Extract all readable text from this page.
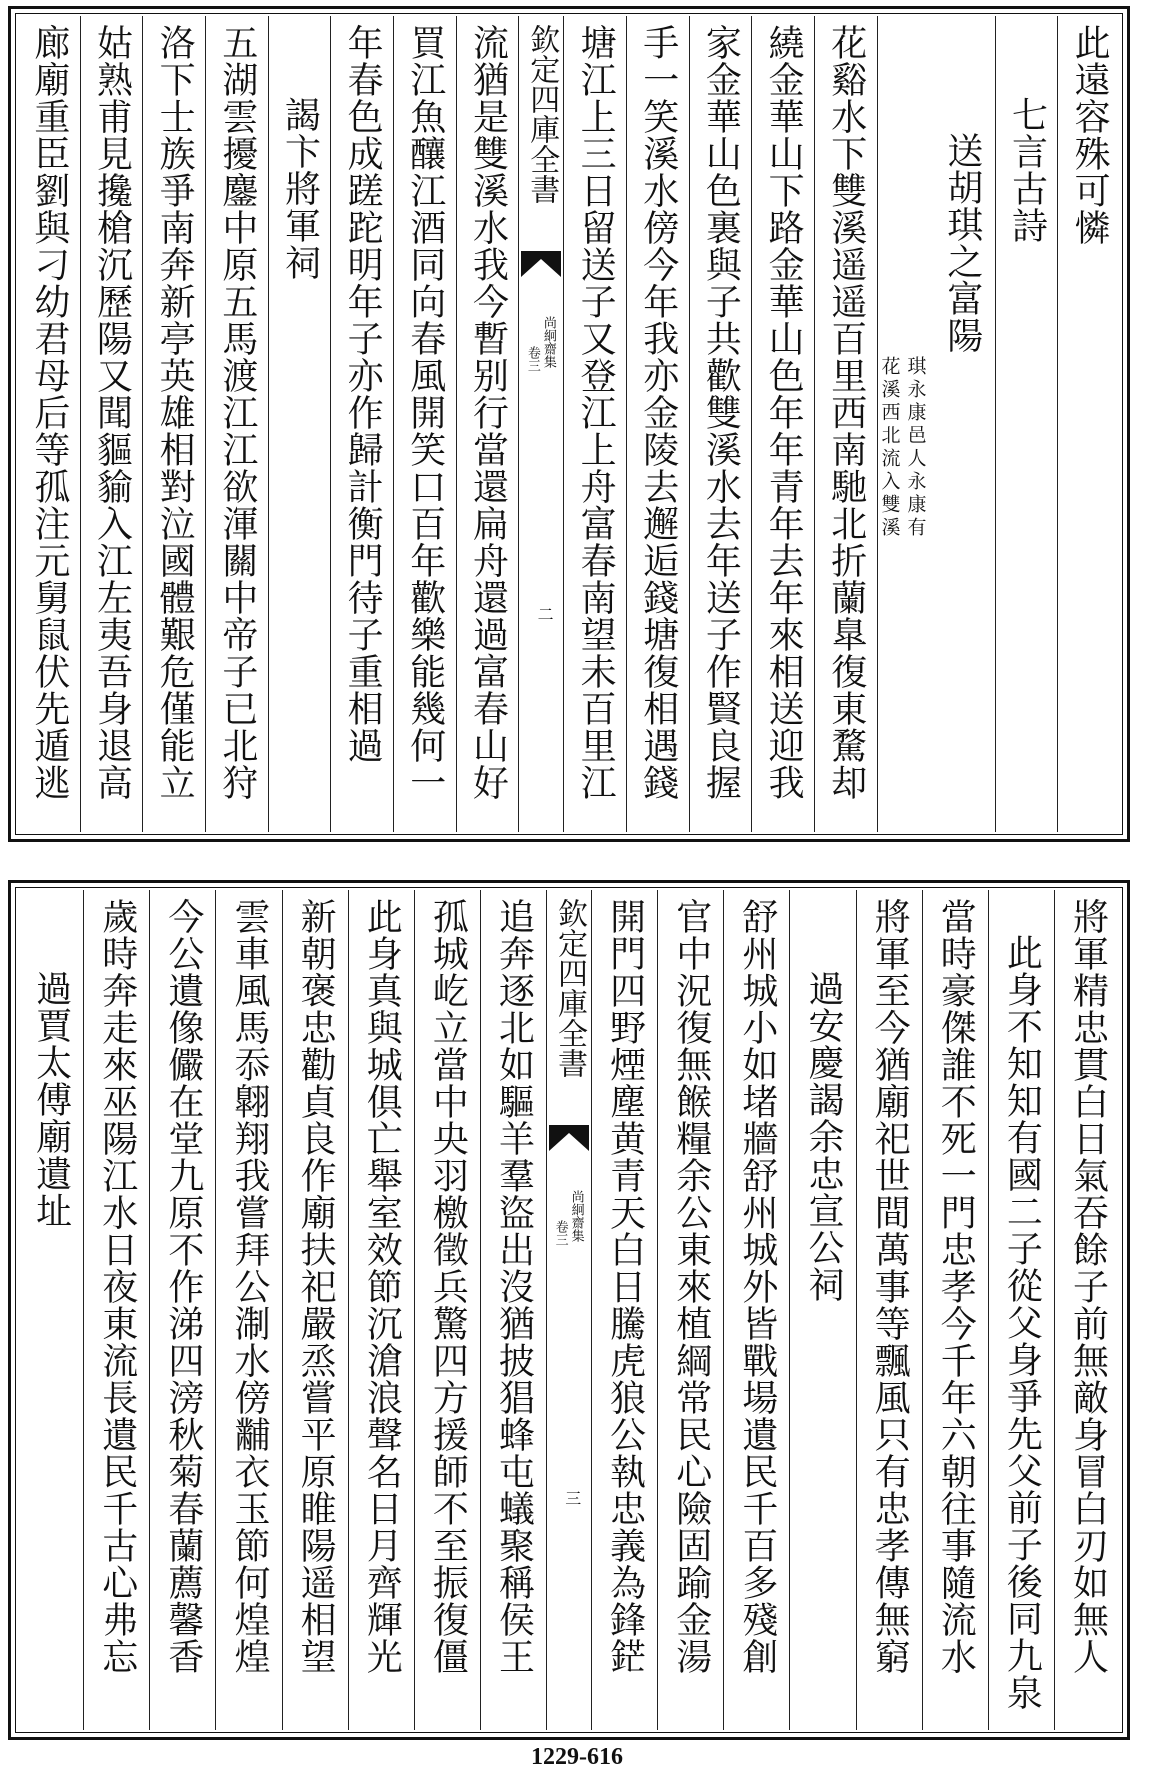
此遠容殊可憐
七言古詩
送胡琪之富陽
琪永康邑人永康有
花溪西北流入雙溪
花谿水下雙溪遥遥百里西南馳北折蘭臯復東騖却
繞金華山下路金華山色年年青年去年來相送迎我
家金華山色裏與子共歡雙溪水去年送子作賢良握
手一笑溪水傍今年我亦金陵去邂逅錢塘復相遇錢
塘江上三日留送子又登江上舟富春南望未百里江
欽定四庫全書
尚絅齋集
卷三
二
流猶是雙溪水我今暫别行當還扁舟還過富春山好
買江魚釀江酒同向春風開笑口百年歡樂能幾何一
年春色成蹉跎明年子亦作歸計衡門待子重相過
謁卞將軍祠
五湖雲擾鏖中原五馬渡江江欲渾關中帝子已北狩
洛下士族爭南奔新亭英雄相對泣國體艱危僅能立
姑熟甫見攙槍沉歷陽又聞貙貐入江左夷吾身退高
廊廟重臣劉與刁幼君母后等孤注元舅鼠伏先遁逃
將軍精忠貫白日氣吞餘子前無敵身冒白刃如無人
此身不知知有國二子從父身爭先父前子後同九泉
當時豪傑誰不死一門忠孝今千年六朝往事隨流水
將軍至今猶廟祀世間萬事等飄風只有忠孝傳無窮
過安慶謁余忠宣公祠
舒州城小如堵牆舒州城外皆戰場遺民千百多殘創
官中況復無餱糧余公東來植綱常民心險固踰金湯
開門四野煙塵黄青天白日騰虎狼公執忠義為鋒鋩
欽定四庫全書
尚絅齋集
卷三
三
追奔逐北如驅羊羣盜出沒猶披猖蜂屯蟻聚稱侯王
孤城屹立當中央羽檄徵兵驚四方援師不至振復僵
此身真與城俱亡舉室效節沉滄浪聲名日月齊輝光
新朝褒忠勸貞良作廟扶祀嚴烝嘗平原睢陽遥相望
雲車風馬忝翺翔我嘗拜公淛水傍黼衣玉節何煌煌
今公遺像儼在堂九原不作涕四滂秋菊春蘭薦馨香
歲時奔走來巫陽江水日夜東流長遺民千古心弗忘
過賈太傅廟遺址
1229-616
